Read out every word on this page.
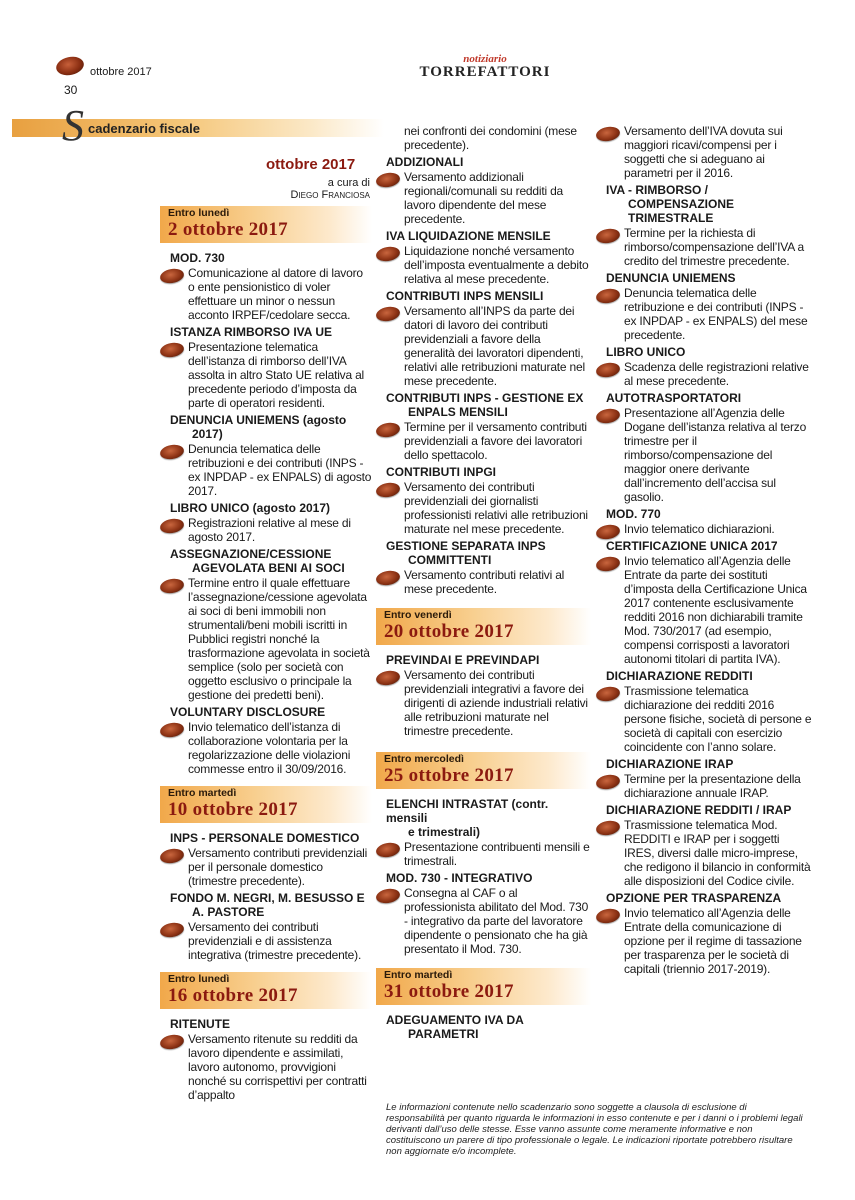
ottobre 2017
30
notiziario
TORREFATTORI
S cadenzario fiscale
ottobre 2017
a cura di
Diego Franciosa
Entro lunedì
2 ottobre 2017
MOD. 730
Comunicazione al datore di lavoro o ente pensionistico di voler effettuare un minor o nessun acconto IRPEF/cedolare secca.
ISTANZA RIMBORSO IVA UE
Presentazione telematica dell’istanza di rimborso dell’IVA assolta in altro Stato UE relativa al precedente periodo d’imposta da parte di operatori residenti.
DENUNCIA UNIEMENS (agosto
2017)
Denuncia telematica delle retribuzioni e dei contributi (INPS - ex INPDAP - ex ENPALS) di agosto 2017.
LIBRO UNICO (agosto 2017)
Registrazioni relative al mese di agosto 2017.
ASSEGNAZIONE/CESSIONE
AGEVOLATA BENI AI SOCI
Termine entro il quale effettuare l’assegnazione/cessione agevolata ai soci di beni immobili non strumentali/beni mobili iscritti in Pubblici registri nonché la trasformazione agevolata in società semplice (solo per società con oggetto esclusivo o principale la gestione dei predetti beni).
VOLUNTARY DISCLOSURE
Invio telematico dell’istanza di collaborazione volontaria per la regolarizzazione delle violazioni commesse entro il 30/09/2016.
Entro martedì
10 ottobre 2017
INPS - PERSONALE DOMESTICO
Versamento contributi previdenziali per il personale domestico (trimestre precedente).
FONDO M. NEGRI, M. BESUSSO E
A. PASTORE
Versamento dei contributi previdenziali e di assistenza integrativa (trimestre precedente).
Entro lunedì
16 ottobre 2017
RITENUTE
Versamento ritenute su redditi da lavoro dipendente e assimilati, lavoro autonomo, provvigioni nonché su corrispettivi per contratti d’appalto
nei confronti dei condomini (mese precedente).
ADDIZIONALI
Versamento addizionali regionali/comunali su redditi da lavoro dipendente del mese precedente.
IVA LIQUIDAZIONE MENSILE
Liquidazione nonché versamento dell’imposta eventualmente a debito relativa al mese precedente.
CONTRIBUTI INPS MENSILI
Versamento all’INPS da parte dei datori di lavoro dei contributi previdenziali a favore della generalità dei lavoratori dipendenti, relativi alle retribuzioni maturate nel mese precedente.
CONTRIBUTI INPS - GESTIONE EX
ENPALS MENSILI
Termine per il versamento contributi previdenziali a favore dei lavoratori dello spettacolo.
CONTRIBUTI INPGI
Versamento dei contributi previdenziali dei giornalisti professionisti relativi alle retribuzioni maturate nel mese precedente.
GESTIONE SEPARATA INPS
COMMITTENTI
Versamento contributi relativi al mese precedente.
Entro venerdì
20 ottobre 2017
PREVINDAI E PREVINDAPI
Versamento dei contributi previdenziali integrativi a favore dei dirigenti di aziende industriali relativi alle retribuzioni maturate nel trimestre precedente.
Entro mercoledì
25 ottobre 2017
ELENCHI INTRASTAT (contr. mensili
e trimestrali)
Presentazione contribuenti mensili e trimestrali.
MOD. 730 - INTEGRATIVO
Consegna al CAF o al professionista abilitato del Mod. 730 - integrativo da parte del lavoratore dipendente o pensionato che ha già presentato il Mod. 730.
Entro martedì
31 ottobre 2017
ADEGUAMENTO IVA DA
PARAMETRI
Versamento dell’IVA dovuta sui maggiori ricavi/compensi per i soggetti che si adeguano ai parametri per il 2016.
IVA - RIMBORSO /
COMPENSAZIONE
TRIMESTRALE
Termine per la richiesta di rimborso/compensazione dell’IVA a credito del trimestre precedente.
DENUNCIA UNIEMENS
Denuncia telematica delle retribuzione e dei contributi (INPS - ex INPDAP - ex ENPALS) del mese precedente.
LIBRO UNICO
Scadenza delle registrazioni relative al mese precedente.
AUTOTRASPORTATORI
Presentazione all’Agenzia delle Dogane dell’istanza relativa al terzo trimestre per il rimborso/compensazione del maggior onere derivante dall’incremento dell’accisa sul gasolio.
MOD. 770
Invio telematico dichiarazioni.
CERTIFICAZIONE UNICA 2017
Invio telematico all’Agenzia delle Entrate da parte dei sostituti d’imposta della Certificazione Unica 2017 contenente esclusivamente redditi 2016 non dichiarabili tramite Mod. 730/2017 (ad esempio, compensi corrisposti a lavoratori autonomi titolari di partita IVA).
DICHIARAZIONE REDDITI
Trasmissione telematica dichiarazione dei redditi 2016 persone fisiche, società di persone e società di capitali con esercizio coincidente con l’anno solare.
DICHIARAZIONE IRAP
Termine per la presentazione della dichiarazione annuale IRAP.
DICHIARAZIONE REDDITI / IRAP
Trasmissione telematica Mod. REDDITI e IRAP per i soggetti IRES, diversi dalle micro-imprese, che redigono il bilancio in conformità alle disposizioni del Codice civile.
OPZIONE PER TRASPARENZA
Invio telematico all’Agenzia delle Entrate della comunicazione di opzione per il regime di tassazione per trasparenza per le società di capitali (triennio 2017-2019).
Le informazioni contenute nello scadenzario sono soggette a clausola di esclusione di responsabilità per quanto riguarda le informazioni in esso contenute e per i danni o i problemi legali derivanti dall’uso delle stesse. Esse vanno assunte come meramente informative e non costituiscono un parere di tipo professionale o legale. Le indicazioni riportate potrebbero risultare non aggiornate e/o incomplete.
